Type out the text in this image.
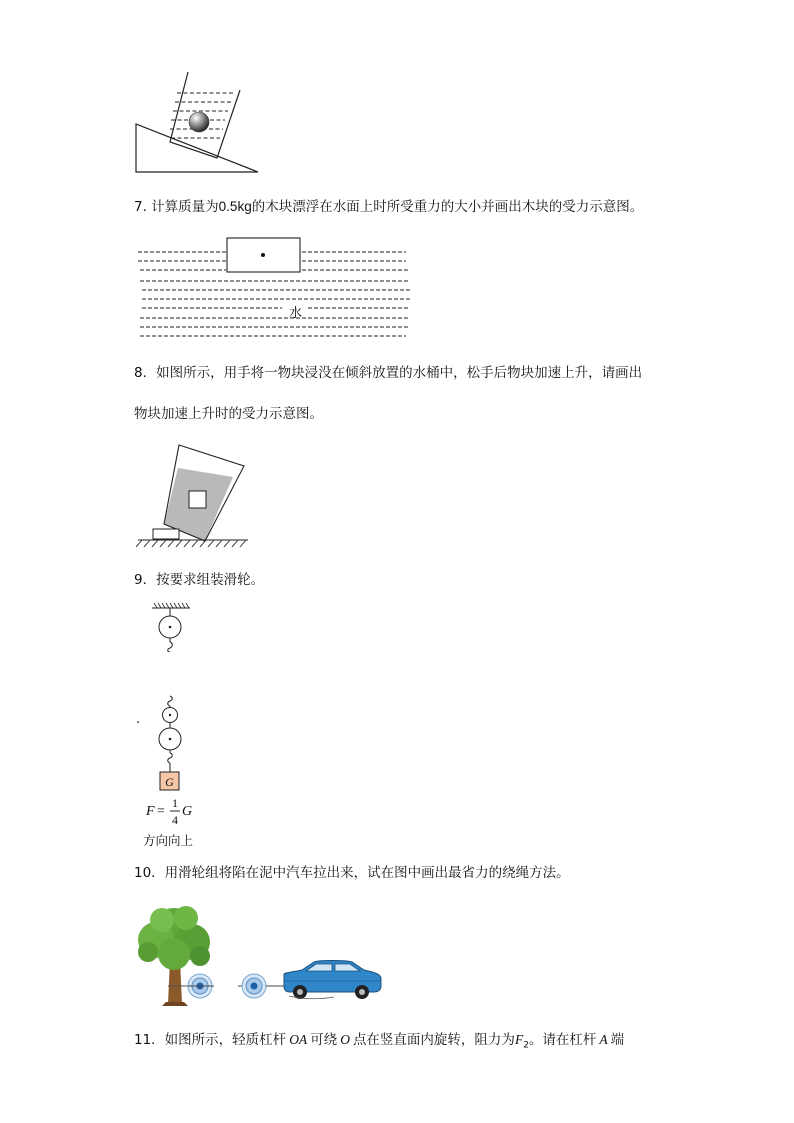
7. 计算质量为0.5kg的木块漂浮在水面上时所受重力的大小并画出木块的受力示意图。
水
8．如图所示，用手将一物块浸没在倾斜放置的水桶中，松手后物块加速上升，请画出
物块加速上升时的受力示意图。
9．按要求组装滑轮。
.
G
F =
1
4
G
方向向上
10．用滑轮组将陷在泥中汽车拉出来，试在图中画出最省力的绕绳方法。
11．如图所示，轻质杠杆 OA 可绕 O 点在竖直面内旋转，阻力为$F_2$。请在杠杆 A 端
